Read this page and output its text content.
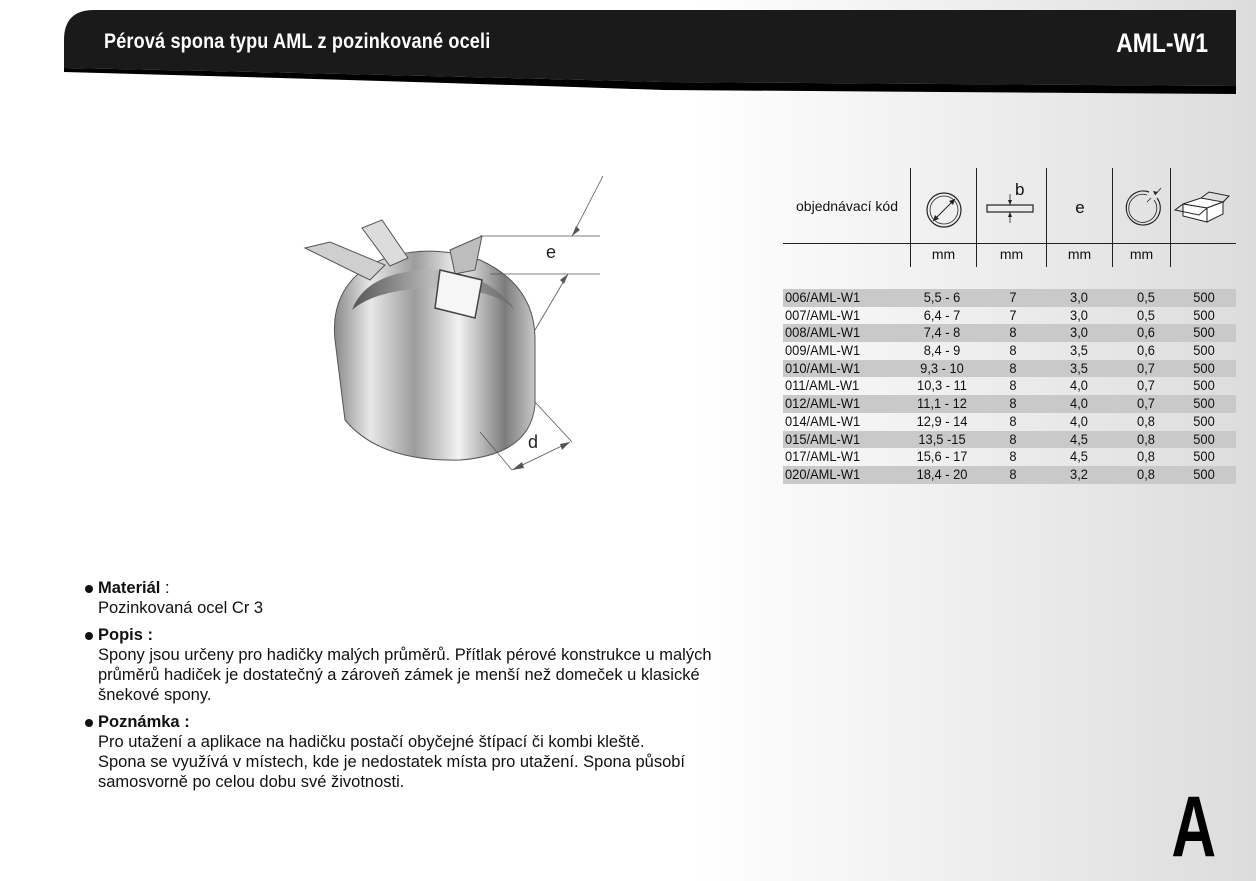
Pérová spona typu AML z pozinkované oceli	AML-W1
e
d
objednávací kód
b
e
mm	mm	mm	mm
006/AML-W1	5,5 - 6	7	3,0	0,5	500
007/AML-W1	6,4 - 7	7	3,0	0,5	500
008/AML-W1	7,4 - 8	8	3,0	0,6	500
009/AML-W1	8,4 - 9	8	3,5	0,6	500
010/AML-W1	9,3 - 10	8	3,5	0,7	500
011/AML-W1	10,3 - 11	8	4,0	0,7	500
012/AML-W1	11,1 - 12	8	4,0	0,7	500
014/AML-W1	12,9 - 14	8	4,0	0,8	500
015/AML-W1	13,5 -15	8	4,5	0,8	500
017/AML-W1	15,6 - 17	8	4,5	0,8	500
020/AML-W1	18,4 - 20	8	3,2	0,8	500
Materiál :
Pozinkovaná ocel Cr 3
Popis :
Spony jsou určeny pro hadičky malých průměrů. Přítlak pérové konstrukce u malých průměrů hadiček je dostatečný a zároveň zámek je menší než domeček u klasické šnekové spony.
Poznámka :
Pro utažení a aplikace na hadičku postačí obyčejné štípací či kombi kleště.
Spona se využívá v místech, kde je nedostatek místa pro utažení. Spona působí samosvorně po celou dobu své životnosti.	A
